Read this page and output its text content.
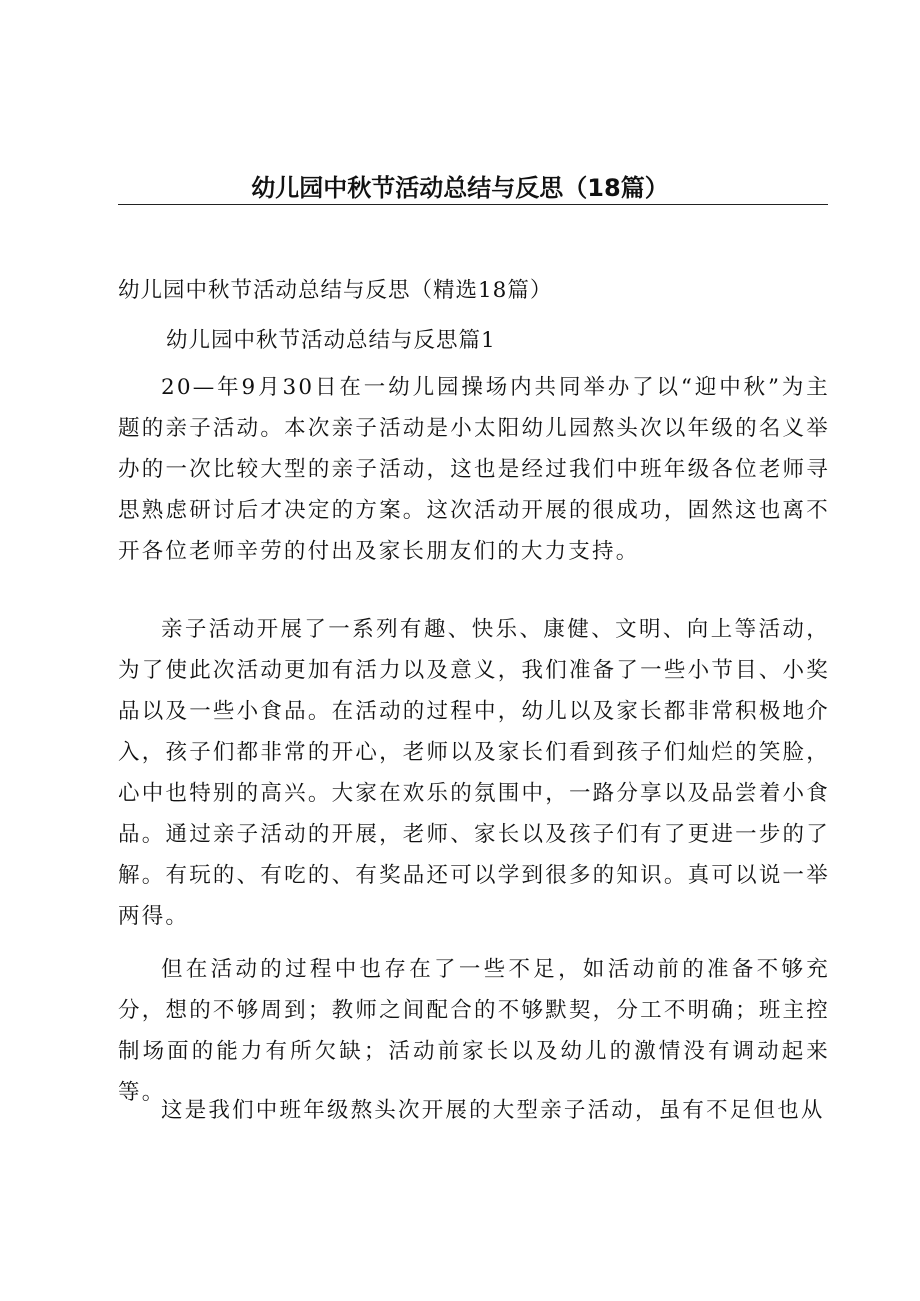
幼儿园中秋节活动总结与反思（18篇）

幼儿园中秋节活动总结与反思（精选18篇）

幼儿园中秋节活动总结与反思篇1

20—年9月30日在一幼儿园操场内共同举办了以“迎中秋”为主题的亲子活动。本次亲子活动是小太阳幼儿园熬头次以年级的名义举办的一次比较大型的亲子活动，这也是经过我们中班年级各位老师寻思熟虑研讨后才决定的方案。这次活动开展的很成功，固然这也离不开各位老师辛劳的付出及家长朋友们的大力支持。

亲子活动开展了一系列有趣、快乐、康健、文明、向上等活动，为了使此次活动更加有活力以及意义，我们准备了一些小节目、小奖品以及一些小食品。在活动的过程中，幼儿以及家长都非常积极地介入，孩子们都非常的开心，老师以及家长们看到孩子们灿烂的笑脸，心中也特别的高兴。大家在欢乐的氛围中，一路分享以及品尝着小食品。通过亲子活动的开展，老师、家长以及孩子们有了更进一步的了解。有玩的、有吃的、有奖品还可以学到很多的知识。真可以说一举两得。

但在活动的过程中也存在了一些不足，如活动前的准备不够充分，想的不够周到；教师之间配合的不够默契，分工不明确；班主控制场面的能力有所欠缺；活动前家长以及幼儿的激情没有调动起来等。

这是我们中班年级熬头次开展的大型亲子活动，虽有不足但也从
